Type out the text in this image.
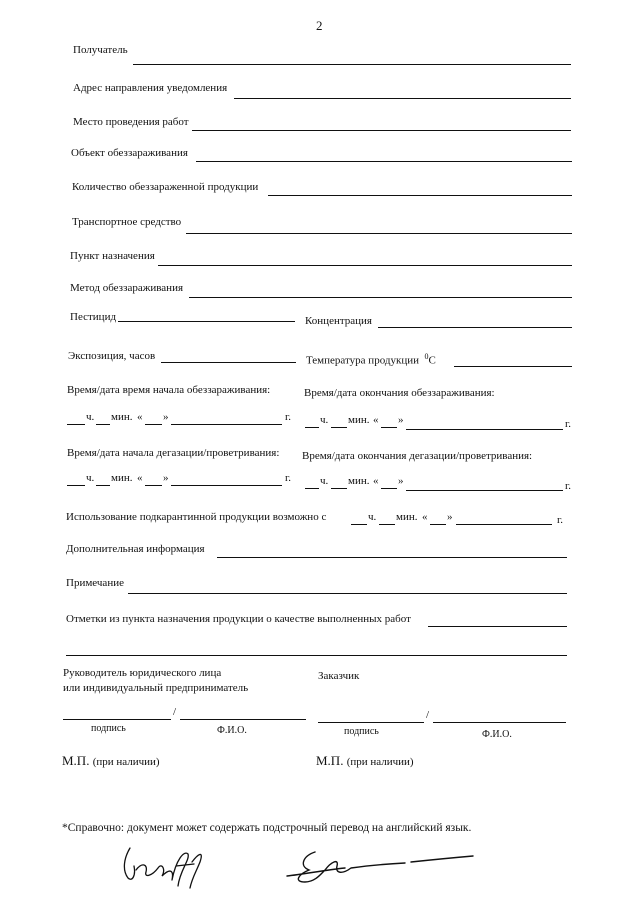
2
Получатель
Адрес направления уведомления
Место проведения работ
Объект обеззараживания
Количество обеззараженной продукции
Транспортное средство
Пункт назначения
Метод обеззараживания
Пестицид	Концентрация
Экспозиция, часов	Температура продукции $^0$С
Время/дата время начала обеззараживания:	Время/дата окончания обеззараживания:
ч. мин. « »	г.	ч. мин. « »	г.
Время/дата начала дегазации/проветривания: Время/дата окончания дегазации/проветривания:
ч. мин. « »	г.	ч. мин. « »	г.
Использование подкарантинной продукции возможно с	ч. мин. « »	г.
Дополнительная информация
Примечание
Отметки из пункта назначения продукции о качестве выполненных работ
Руководитель юридического лица
или индивидуальный предприниматель
Заказчик
/
подпись	Ф.И.О.
/
подпись	Ф.И.О.
М.П. (при наличии)	М.П. (при наличии)
*Справочно: документ может содержать подстрочный перевод на английский язык.
